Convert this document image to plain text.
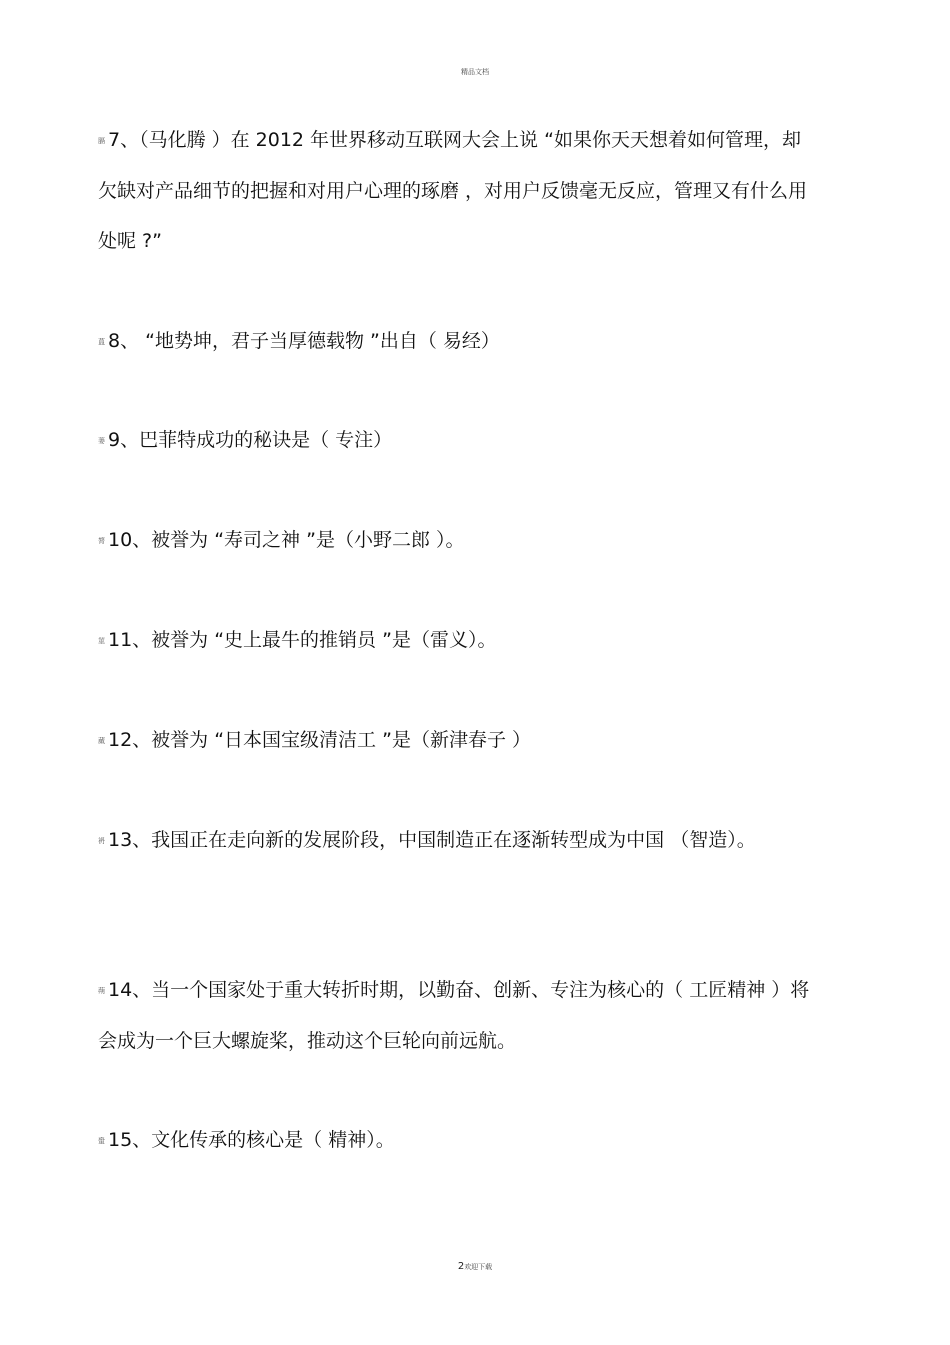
精品文档

膈 7、（马化腾 ）在 2012 年世界移动互联网大会上说 “如果你天天想着如何管理，却欠缺对产品细节的把握和对用户心理的琢磨 ，对用户反馈毫无反应，管理又有什么用处呢 ?”

蒀 8、 “地势坤，君子当厚德载物 ”出自（ 易经）

蒌 9、巴菲特成功的秘诀是（ 专注）

膂 10、被誉为 “寿司之神 ”是（小野二郎 ）。

莁 11、被誉为 “史上最牛的推销员 ”是（雷义）。

蕆 12、被誉为 “日本国宝级清洁工 ”是（新津春子 ）

袇 13、我国正在走向新的发展阶段，中国制造正在逐渐转型成为中国 （智造）。

蒴 14、当一个国家处于重大转折时期，以勤奋、创新、专注为核心的（ 工匠精神 ）将会成为一个巨大螺旋桨，推动这个巨轮向前远航。

螀 15、文化传承的核心是（ 精神）。

2欢迎下载
